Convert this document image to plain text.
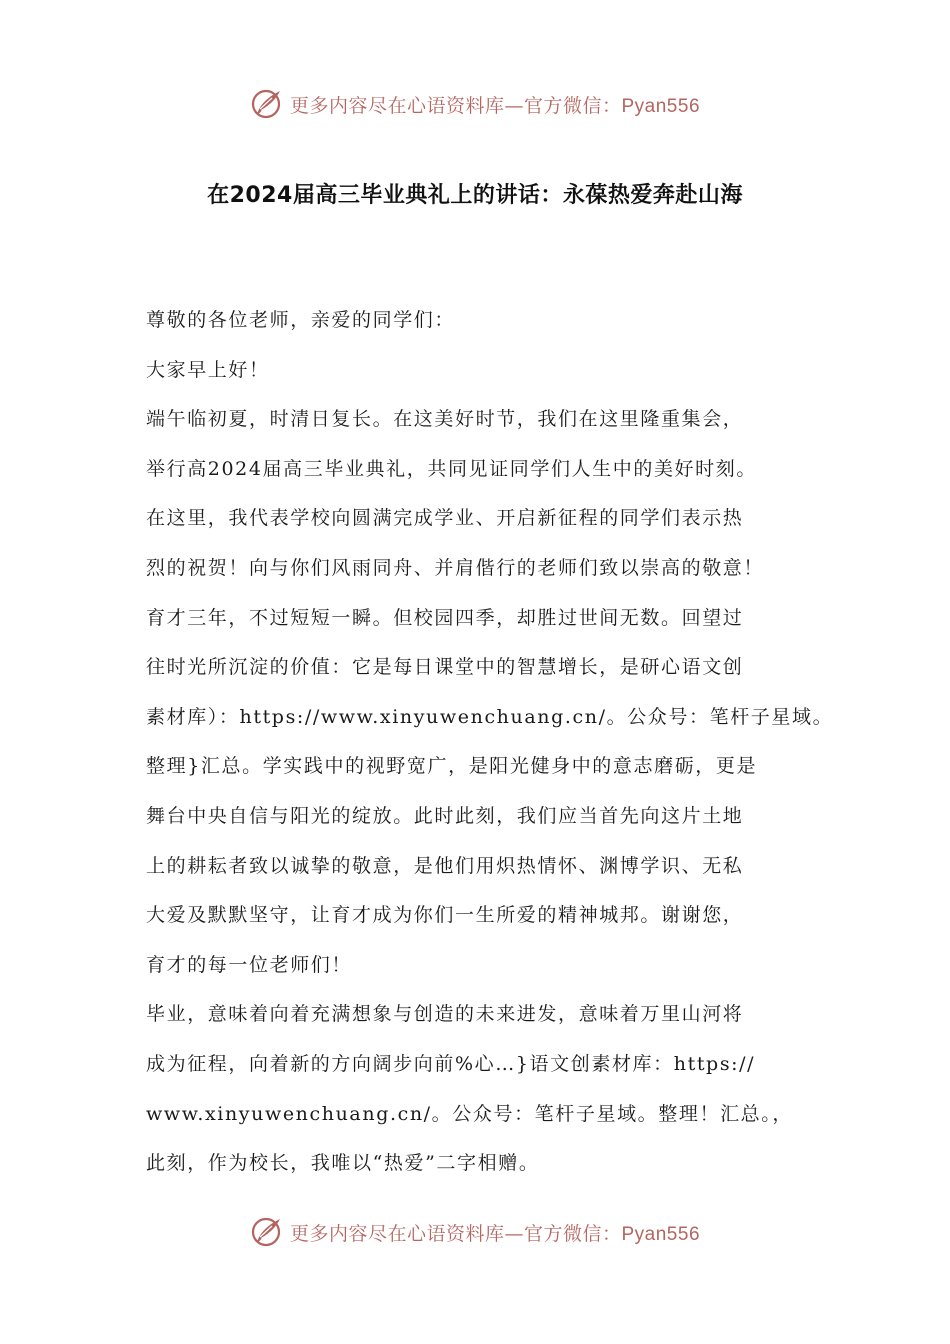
更多内容尽在心语资料库—官方微信：Pyan556
在2024届高三毕业典礼上的讲话：永葆热爱奔赴山海
尊敬的各位老师，亲爱的同学们：
大家早上好！
端午临初夏，时清日复长。在这美好时节，我们在这里隆重集会，
举行高2024届高三毕业典礼，共同见证同学们人生中的美好时刻。
在这里，我代表学校向圆满完成学业、开启新征程的同学们表示热
烈的祝贺！向与你们风雨同舟、并肩偕行的老师们致以崇高的敬意！
育才三年，不过短短一瞬。但校园四季，却胜过世间无数。回望过
往时光所沉淀的价值：它是每日课堂中的智慧增长，是研心语文创
素材库）：https://www.xinyuwenchuang.cn/。公众号：笔杆子星域。
整理}汇总。学实践中的视野宽广，是阳光健身中的意志磨砺，更是
舞台中央自信与阳光的绽放。此时此刻，我们应当首先向这片土地
上的耕耘者致以诚挚的敬意，是他们用炽热情怀、渊博学识、无私
大爱及默默坚守，让育才成为你们一生所爱的精神城邦。谢谢您，
育才的每一位老师们！
毕业，意味着向着充满想象与创造的未来进发，意味着万里山河将
成为征程，向着新的方向阔步向前%心…}语文创素材库：https://
www.xinyuwenchuang.cn/。公众号：笔杆子星域。整理！汇总。，
此刻，作为校长，我唯以“热爱”二字相赠。
更多内容尽在心语资料库—官方微信：Pyan556
